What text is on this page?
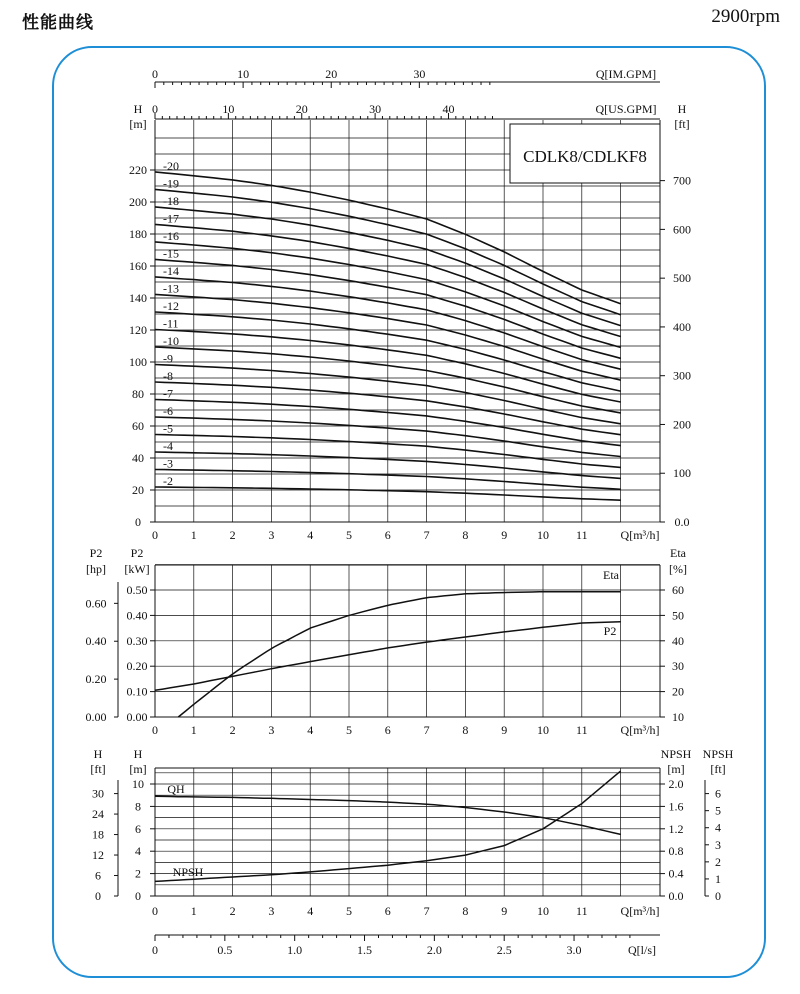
性能曲线	2900rpm
0
20
40
60
80
100
120
140
160
180
200
220
H
[m]
0.0
100
200
300
400
500
600
700
H
[ft]
0	1	2	3	4	5	6	7	8	9 10 11	Q[m³/h]
CDLK8/CDLKF8
0	10	20	30	Q[IM.GPM]
0	10	20	30	40	Q[US.GPM]
-2
-3
-4
-5
-6
-7
-8
-9
-10
-11
-12
-13
-14
-15
-16
-17
-18
-19
-20
0.00
0.10
0.20
0.30
0.40
0.50
P2
[kW]
0.00
0.20
0.40
0.60
P2
[hp]
10
20
30
40
50
60
Eta
[%]
0	1	2	3	4	5	6	7	8	9 10 11	Q[m³/h]
Eta
P2
0
2
4
6
8
10
H
[m]
0
6
12
18
24
30
H
[ft]
0.0
0.4
0.8
1.2
1.6
2.0
NPSH
[m]
0
1
2
3
4
5
6
NPSH
[ft]
0	1	2	3	4	5	6	7	8	9 10 11	Q[m³/h]
QH
NPSH
0	0.5	1.0	1.5	2.0	2.5	3.0	Q[l/s]
